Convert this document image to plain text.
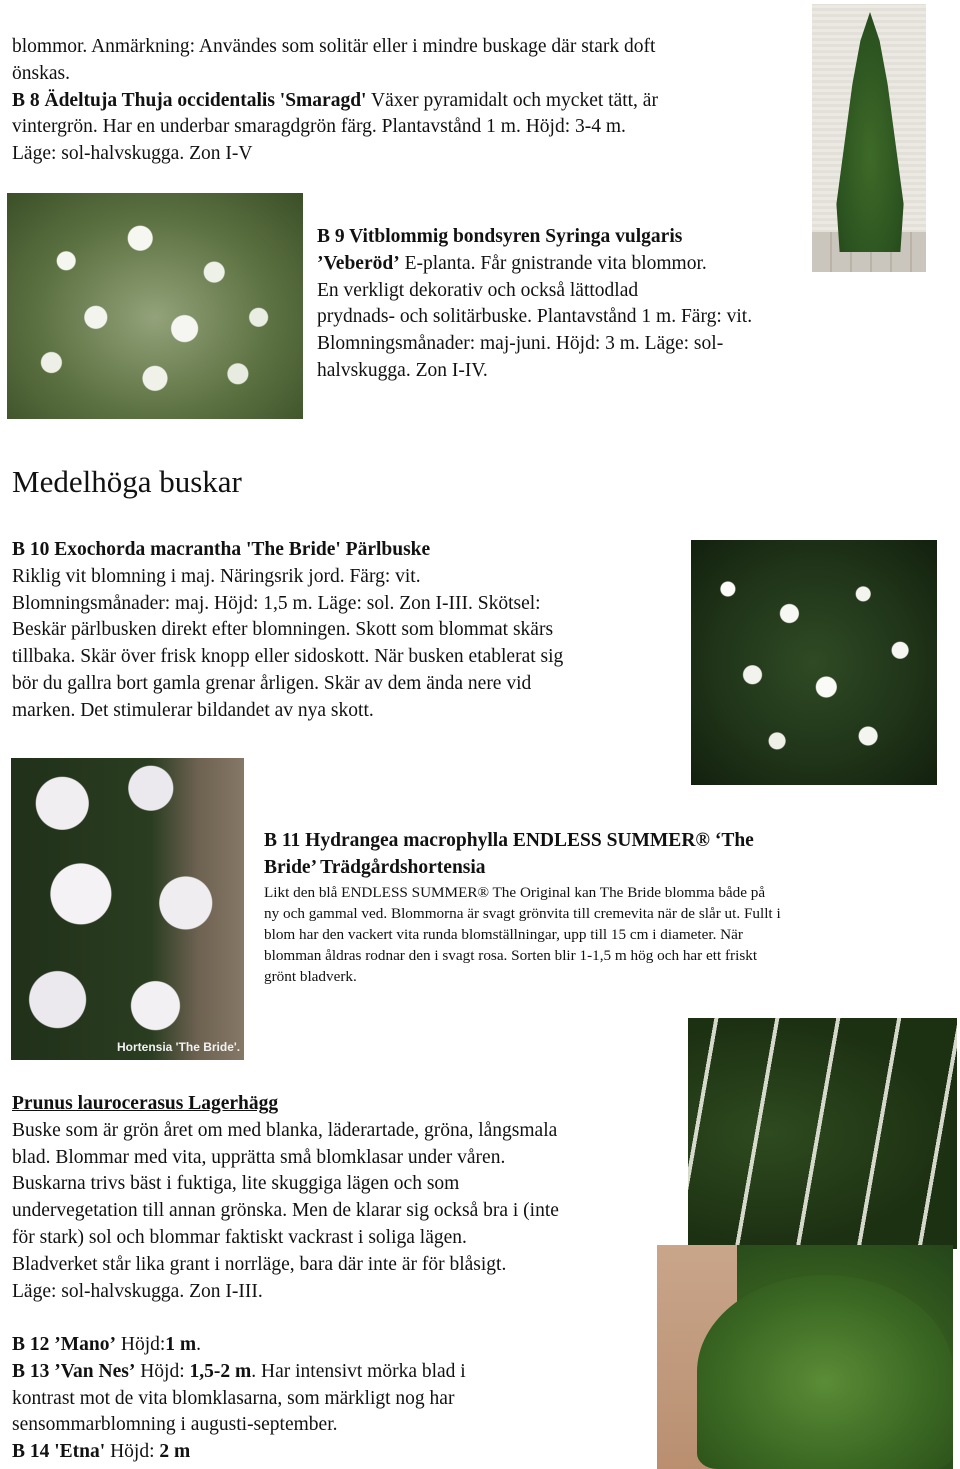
Hortensia 'The Bride'.

blommor. Anmärkning: Användes som solitär eller i mindre buskage där stark doft

önskas.

B 8 Ädeltuja Thuja occidentalis 'Smaragd' Växer pyramidalt och mycket tätt, är

vintergrön. Har en underbar smaragdgrön färg. Plantavstånd 1 m. Höjd: 3-4 m.

Läge: sol-halvskugga. Zon I-V

B 9 Vitblommig bondsyren Syringa vulgaris

’Veberöd’ E-planta. Får gnistrande vita blommor.

En verkligt dekorativ och också lättodlad

prydnads- och solitärbuske. Plantavstånd 1 m. Färg: vit.

Blomningsmånader: maj-juni. Höjd: 3 m. Läge: sol-

halvskugga. Zon I-IV.

Medelhöga buskar

B 10 Exochorda macrantha 'The Bride' Pärlbuske

Riklig vit blomning i maj. Näringsrik jord. Färg: vit.

Blomningsmånader: maj. Höjd: 1,5 m. Läge: sol. Zon I-III. Skötsel:

Beskär pärlbusken direkt efter blomningen. Skott som blommat skärs

tillbaka. Skär över frisk knopp eller sidoskott. När busken etablerat sig

bör du gallra bort gamla grenar årligen. Skär av dem ända nere vid

marken. Det stimulerar bildandet av nya skott.

B 11 Hydrangea macrophylla ENDLESS SUMMER® ‘The

Bride’ Trädgårdshortensia

Likt den blå ENDLESS SUMMER® The Original kan The Bride blomma både på

ny och gammal ved. Blommorna är svagt grönvita till cremevita när de slår ut. Fullt i

blom har den vackert vita runda blomställningar, upp till 15 cm i diameter. När

blomman åldras rodnar den i svagt rosa. Sorten blir 1-1,5 m hög och har ett friskt

grönt bladverk.

Prunus laurocerasus Lagerhägg

Buske som är grön året om med blanka, läderartade, gröna, långsmala

blad. Blommar med vita, upprätta små blomklasar under våren.

Buskarna trivs bäst i fuktiga, lite skuggiga lägen och som

undervegetation till annan grönska. Men de klarar sig också bra i (inte

för stark) sol och blommar faktiskt vackrast i soliga lägen.

Bladverket står lika grant i norrläge, bara där inte är för blåsigt.

Läge: sol-halvskugga. Zon I-III.

B 12 ’Mano’ Höjd:1 m.

B 13 ’Van Nes’ Höjd: 1,5-2 m. Har intensivt mörka blad i

kontrast mot de vita blomklasarna, som märkligt nog har

sensommarblomning i augusti-september.

B 14 'Etna' Höjd: 2 m
